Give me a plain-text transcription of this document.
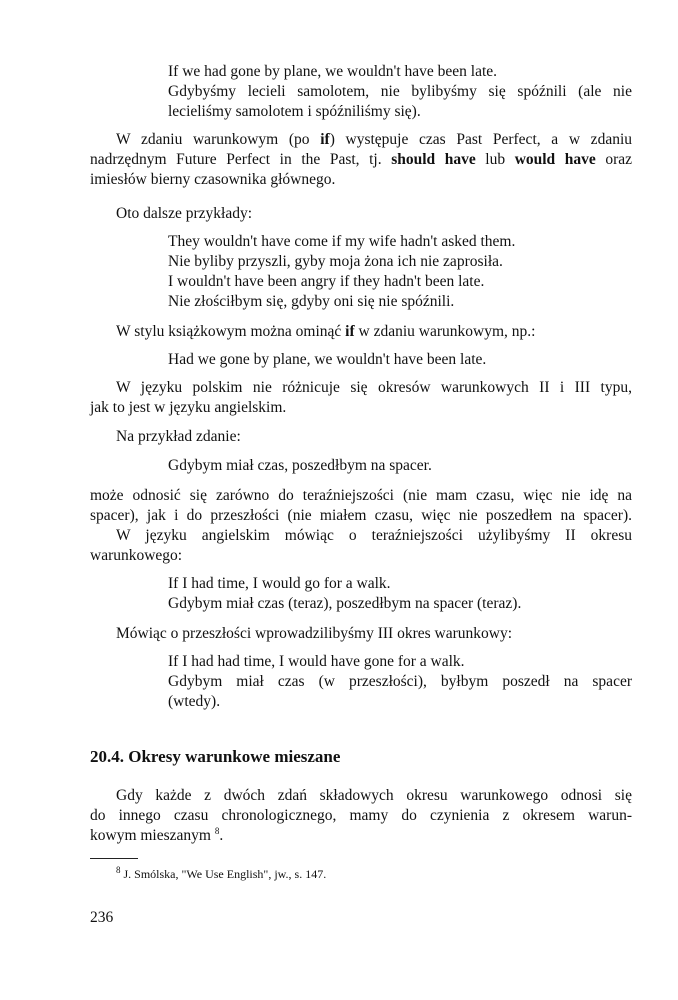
If we had gone by plane, we wouldn't have been late.
Gdybyśmy lecieli samolotem, nie bylibyśmy się spóźnili (ale nie
lecieliśmy samolotem i spóźniliśmy się).
W zdaniu warunkowym (po if) występuje czas Past Perfect, a w zdaniu
nadrzędnym Future Perfect in the Past, tj. should have lub would have oraz
imiesłów bierny czasownika głównego.
Oto dalsze przykłady:
They wouldn't have come if my wife hadn't asked them.
Nie byliby przyszli, gyby moja żona ich nie zaprosiła.
I wouldn't have been angry if they hadn't been late.
Nie złościłbym się, gdyby oni się nie spóźnili.
W stylu książkowym można ominąć if w zdaniu warunkowym, np.:
Had we gone by plane, we wouldn't have been late.
W języku polskim nie różnicuje się okresów warunkowych II i III typu,
jak to jest w języku angielskim.
Na przykład zdanie:
Gdybym miał czas, poszedłbym na spacer.
może odnosić się zarówno do teraźniejszości (nie mam czasu, więc nie idę na
spacer), jak i do przeszłości (nie miałem czasu, więc nie poszedłem na spacer).
W języku angielskim mówiąc o teraźniejszości użylibyśmy II okresu
warunkowego:
If I had time, I would go for a walk.
Gdybym miał czas (teraz), poszedłbym na spacer (teraz).
Mówiąc o przeszłości wprowadzilibyśmy III okres warunkowy:
If I had had time, I would have gone for a walk.
Gdybym miał czas (w przeszłości), byłbym poszedł na spacer
(wtedy).
20.4. Okresy warunkowe mieszane
Gdy każde z dwóch zdań składowych okresu warunkowego odnosi się
do innego czasu chronologicznego, mamy do czynienia z okresem warun-
kowym mieszanym $^8$.
$^8$ J. Smólska, "We Use English", jw., s. 147.
236
